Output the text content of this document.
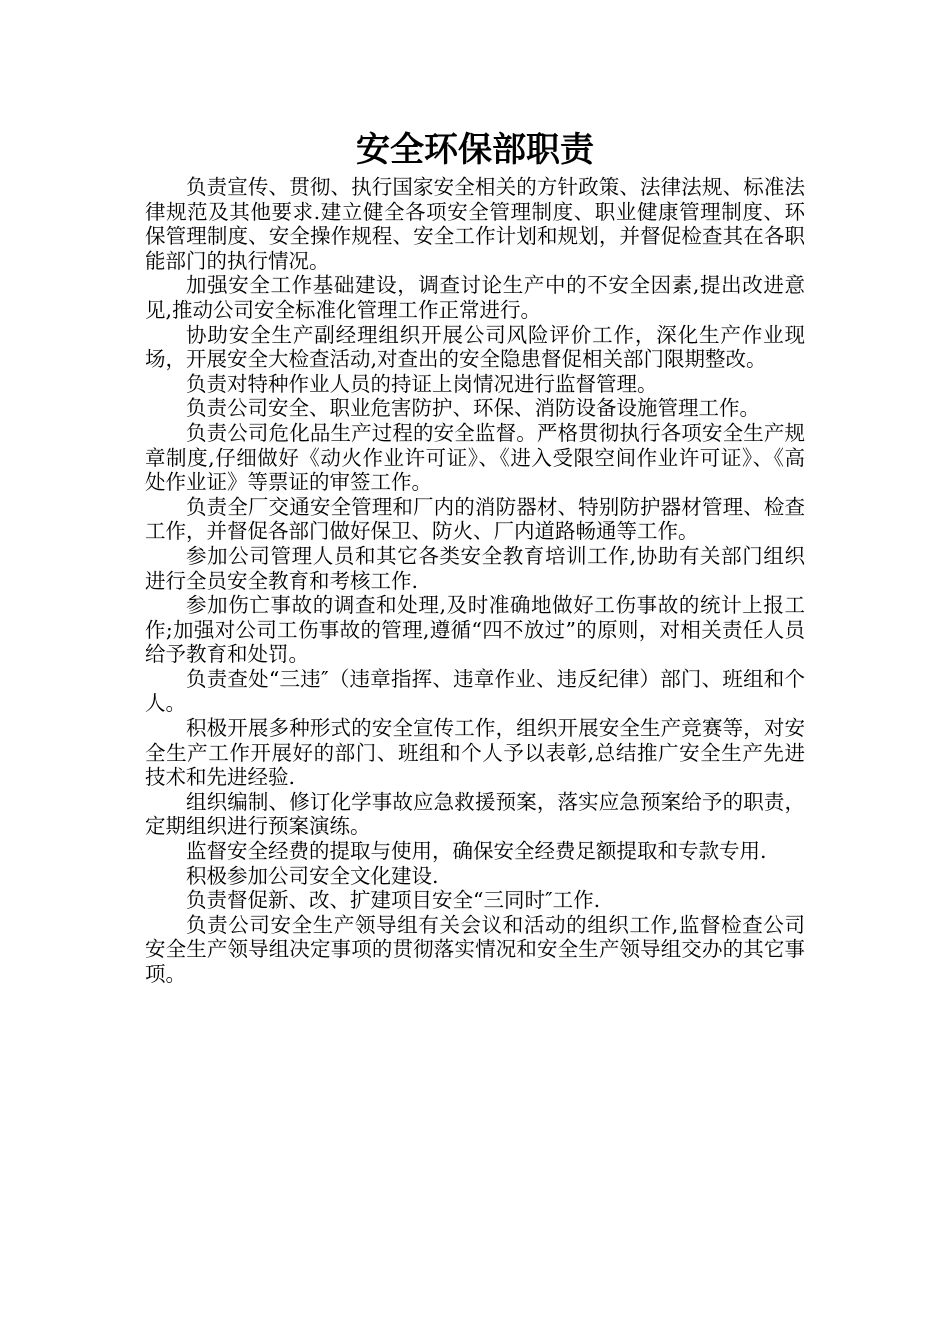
安全环保部职责

负责宣传、贯彻、执行国家安全相关的方针政策、法律法规、标准法律规范及其他要求.建立健全各项安全管理制度、职业健康管理制度、环保管理制度、安全操作规程、安全工作计划和规划，并督促检查其在各职能部门的执行情况。

加强安全工作基础建设，调查讨论生产中的不安全因素,提出改进意见,推动公司安全标准化管理工作正常进行。

协助安全生产副经理组织开展公司风险评价工作，深化生产作业现场，开展安全大检查活动,对查出的安全隐患督促相关部门限期整改。

负责对特种作业人员的持证上岗情况进行监督管理。

负责公司安全、职业危害防护、环保、消防设备设施管理工作。

负责公司危化品生产过程的安全监督。严格贯彻执行各项安全生产规章制度,仔细做好《动火作业许可证》、《进入受限空间作业许可证》、《高处作业证》等票证的审签工作。

负责全厂交通安全管理和厂内的消防器材、特别防护器材管理、检查工作，并督促各部门做好保卫、防火、厂内道路畅通等工作。

参加公司管理人员和其它各类安全教育培训工作,协助有关部门组织进行全员安全教育和考核工作.

参加伤亡事故的调查和处理,及时准确地做好工伤事故的统计上报工作;加强对公司工伤事故的管理,遵循“四不放过”的原则，对相关责任人员给予教育和处罚。

负责查处“三违″（违章指挥、违章作业、违反纪律）部门、班组和个人。

积极开展多种形式的安全宣传工作，组织开展安全生产竞赛等，对安全生产工作开展好的部门、班组和个人予以表彰,总结推广安全生产先进技术和先进经验.

组织编制、修订化学事故应急救援预案，落实应急预案给予的职责，定期组织进行预案演练。

监督安全经费的提取与使用，确保安全经费足额提取和专款专用.

积极参加公司安全文化建设.

负责督促新、改、扩建项目安全“三同时″工作.

负责公司安全生产领导组有关会议和活动的组织工作,监督检查公司安全生产领导组决定事项的贯彻落实情况和安全生产领导组交办的其它事项。
